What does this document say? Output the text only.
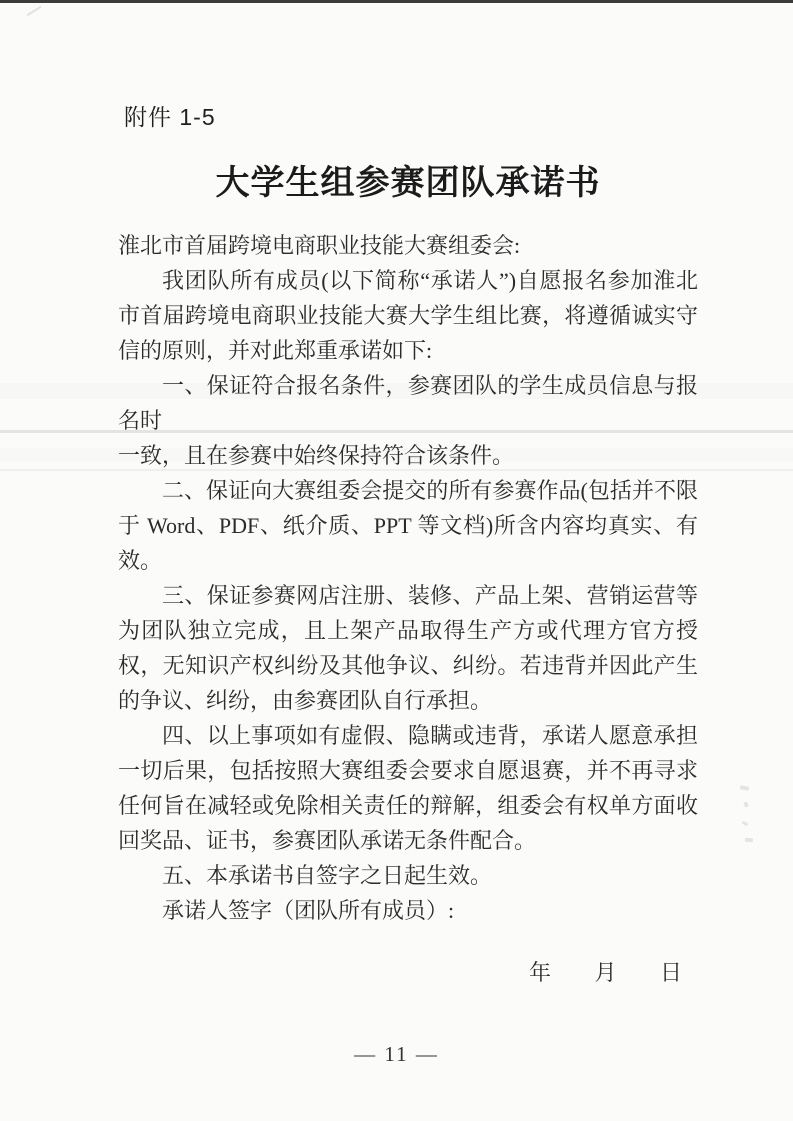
附件 1-5
大学生组参赛团队承诺书

淮北市首届跨境电商职业技能大赛组委会:

我团队所有成员(以下简称“承诺人”)自愿报名参加淮北市首届跨境电商职业技能大赛大学生组比赛，将遵循诚实守信的原则，并对此郑重承诺如下:

一、保证符合报名条件，参赛团队的学生成员信息与报名时

一致，且在参赛中始终保持符合该条件。

二、保证向大赛组委会提交的所有参赛作品(包括并不限于 Word、PDF、纸介质、PPT 等文档)所含内容均真实、有效。

三、保证参赛网店注册、装修、产品上架、营销运营等为团队独立完成，且上架产品取得生产方或代理方官方授权，无知识产权纠纷及其他争议、纠纷。若违背并因此产生的争议、纠纷，由参赛团队自行承担。

四、以上事项如有虚假、隐瞒或违背，承诺人愿意承担一切后果，包括按照大赛组委会要求自愿退赛，并不再寻求任何旨在减轻或免除相关责任的辩解，组委会有权单方面收回奖品、证书，参赛团队承诺无条件配合。

五、本承诺书自签字之日起生效。

承诺人签字（团队所有成员）:

年 月 日
— 11 —
